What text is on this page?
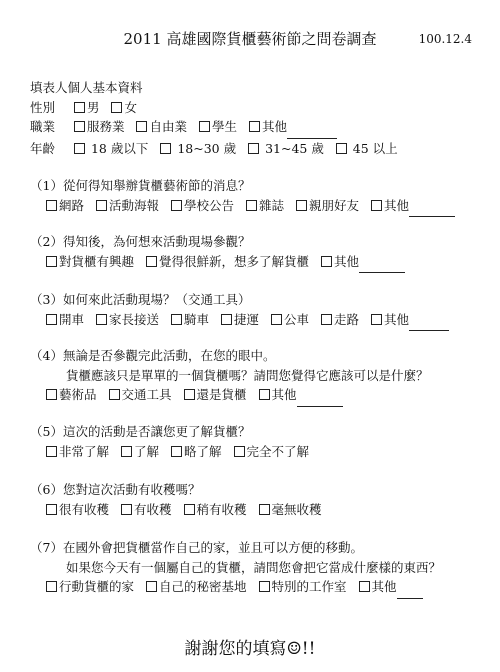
2011 高雄國際貨櫃藝術節之問卷調查	100.12.4
填表人個人基本資料
性別	男 女
職業	服務業 自由業 學生 其他
年齡	18 歲以下 18~30 歲 31~45 歲 45 以上
（1）從何得知舉辦貨櫃藝術節的消息？
網路 活動海報 學校公告 雜誌 親朋好友 其他
（2）得知後，為何想來活動現場參觀？
對貨櫃有興趣 覺得很鮮新，想多了解貨櫃 其他
（3）如何來此活動現場？（交通工具）
開車 家長接送 騎車 捷運 公車 走路 其他
（4）無論是否參觀完此活動，在您的眼中。
貨櫃應該只是單單的一個貨櫃嗎？請問您覺得它應該可以是什麼？
藝術品 交通工具 還是貨櫃 其他
（5）這次的活動是否讓您更了解貨櫃？
非常了解 了解 略了解 完全不了解
（6）您對這次活動有收穫嗎？
很有收穫 有收穫 稍有收穫 毫無收穫
（7）在國外會把貨櫃當作自己的家，並且可以方便的移動。
如果您今天有一個屬自己的貨櫃，請問您會把它當成什麼樣的東西？
行動貨櫃的家 自己的秘密基地 特別的工作室 其他
謝謝您的填寫☺!!
